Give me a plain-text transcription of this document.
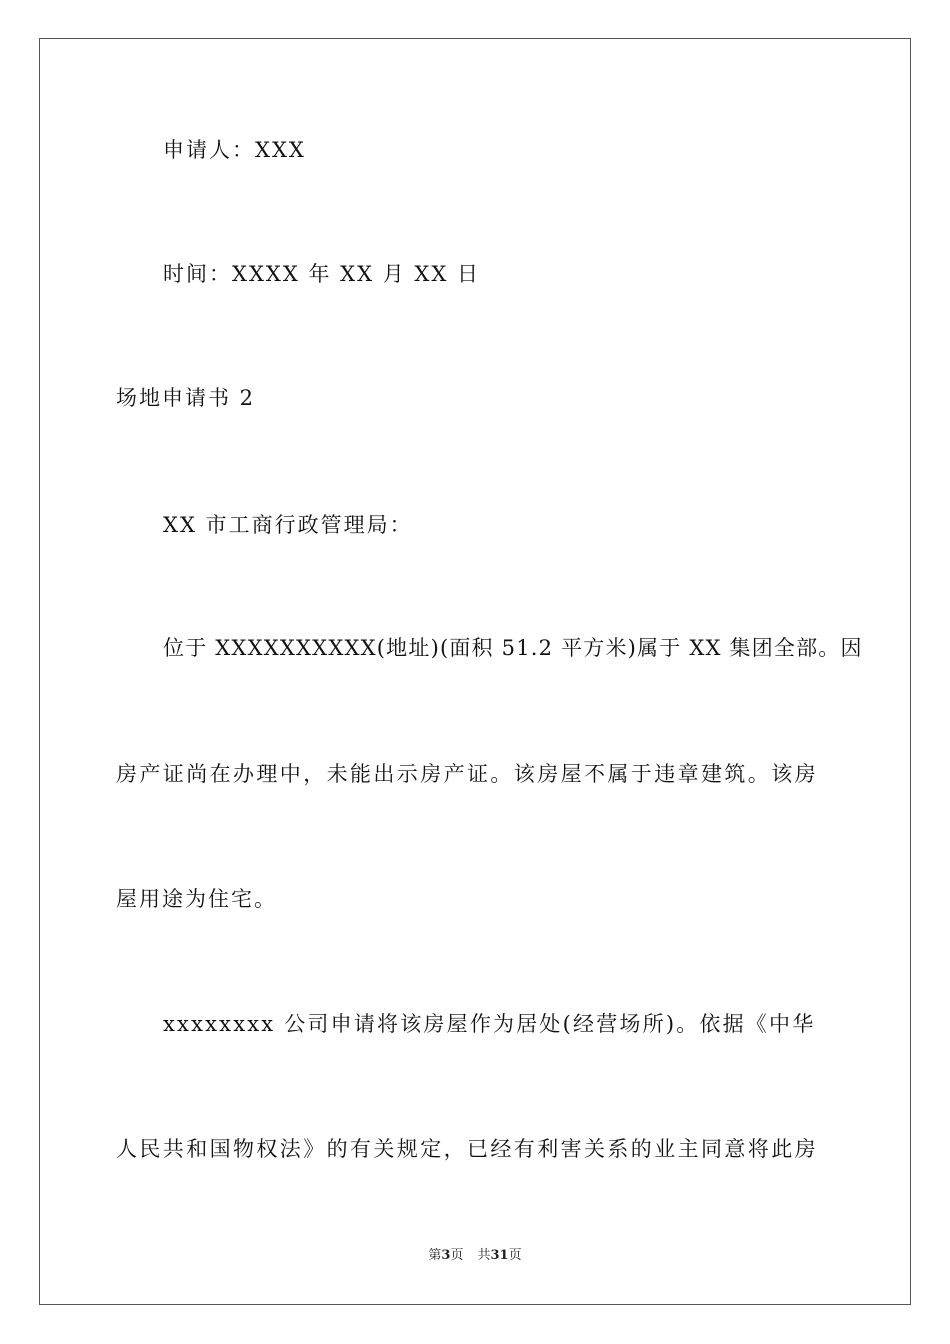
申请人：XXX
时间：XXXX 年 XX 月 XX 日
场地申请书 2
XX 市工商行政管理局：
位于 XXXXXXXXXX(地址)(面积 51.2 平方米)属于 XX 集团全部。因
房产证尚在办理中，未能出示房产证。该房屋不属于违章建筑。该房
屋用途为住宅。
xxxxxxxx 公司申请将该房屋作为居处(经营场所)。依据《中华
人民共和国物权法》的有关规定，已经有利害关系的业主同意将此房
第3页 共31页
